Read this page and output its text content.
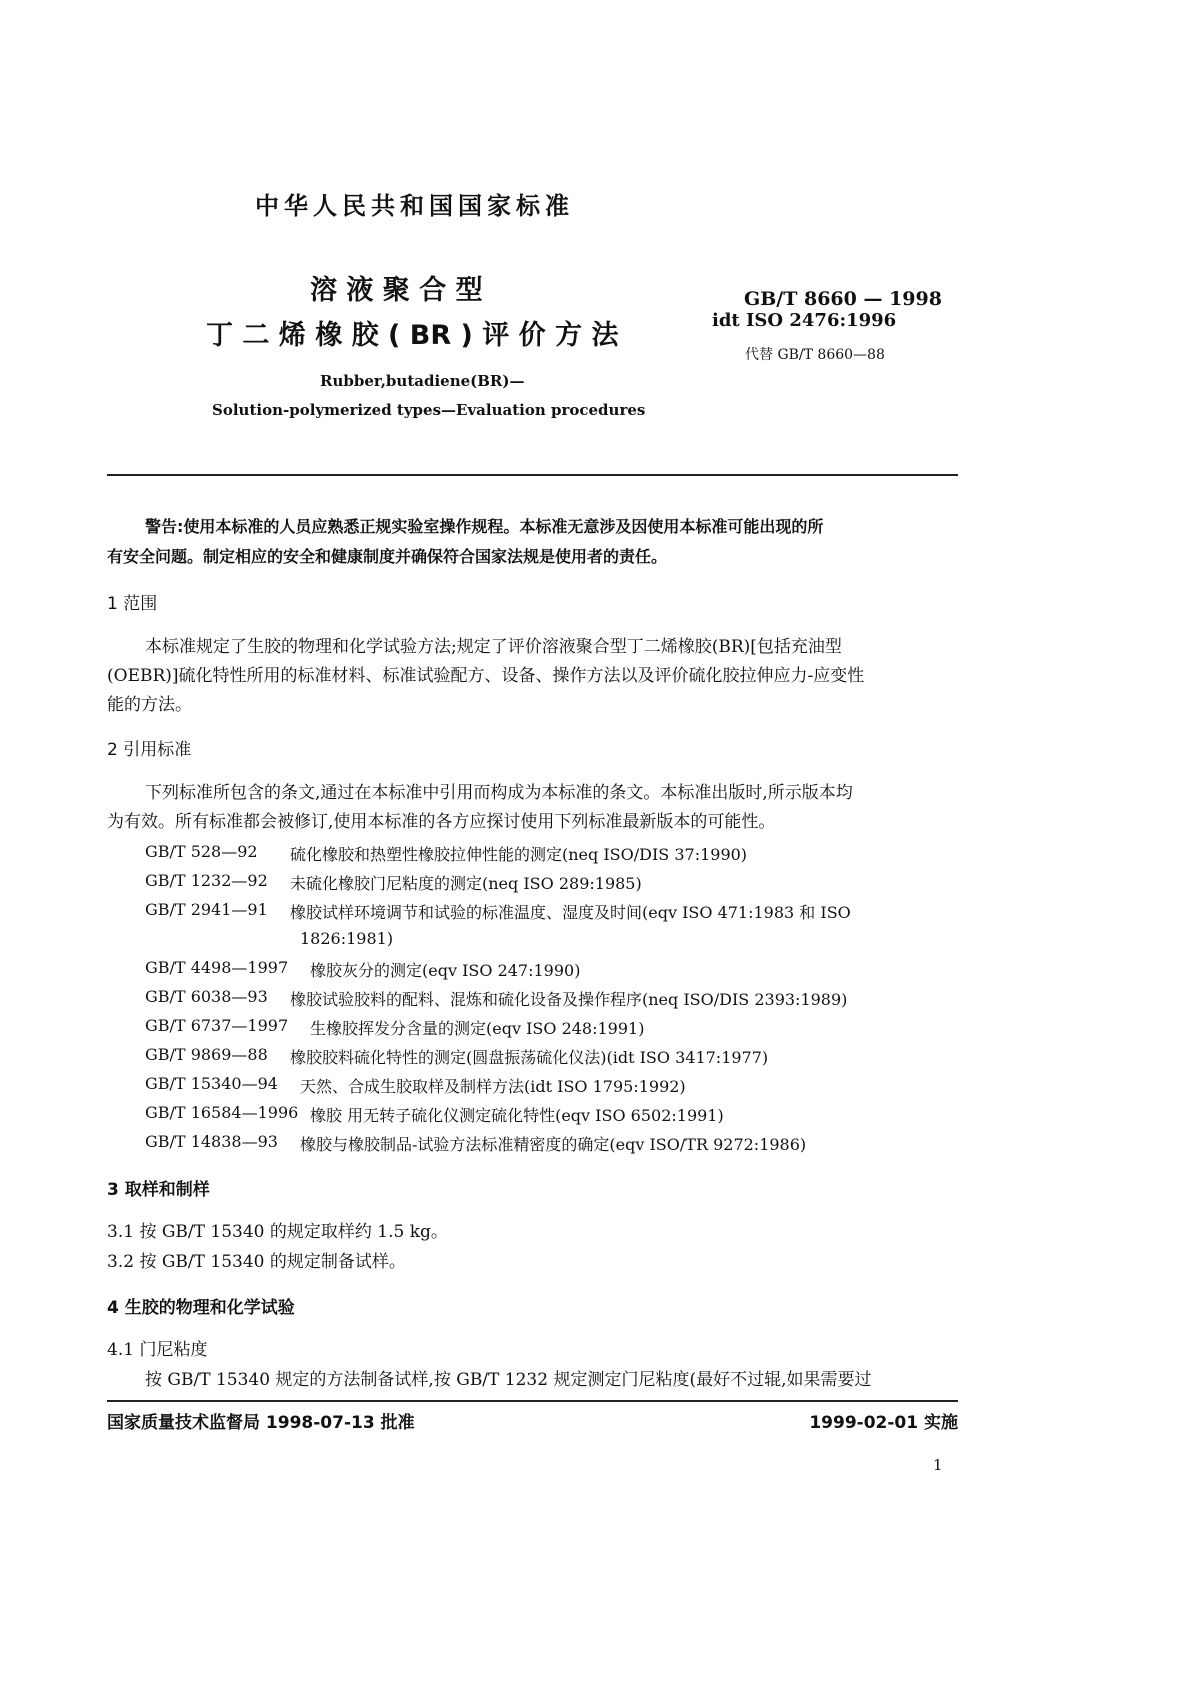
中华人民共和国国家标准
溶 液 聚 合 型
丁 二 烯 橡 胶 ( BR ) 评 价 方 法
GB/T 8660 — 1998
idt ISO 2476:1996
代替 GB/T 8660—88
Rubber,butadiene(BR)—
Solution-polymerized types—Evaluation procedures
警告:使用本标准的人员应熟悉正规实验室操作规程。本标准无意涉及因使用本标准可能出现的所
有安全问题。制定相应的安全和健康制度并确保符合国家法规是使用者的责任。
1 范围
本标准规定了生胶的物理和化学试验方法;规定了评价溶液聚合型丁二烯橡胶(BR)[包括充油型
(OEBR)]硫化特性所用的标准材料、标准试验配方、设备、操作方法以及评价硫化胶拉伸应力-应变性
能的方法。
2 引用标准
下列标准所包含的条文,通过在本标准中引用而构成为本标准的条文。本标准出版时,所示版本均
为有效。所有标准都会被修订,使用本标准的各方应探讨使用下列标准最新版本的可能性。
GB/T 528—92 硫化橡胶和热塑性橡胶拉伸性能的测定(neq ISO/DIS 37:1990)
GB/T 1232—92 未硫化橡胶门尼粘度的测定(neq ISO 289:1985)
GB/T 2941—91 橡胶试样环境调节和试验的标准温度、湿度及时间(eqv ISO 471:1983 和 ISO
1826:1981)
GB/T 4498—1997 橡胶灰分的测定(eqv ISO 247:1990)
GB/T 6038—93 橡胶试验胶料的配料、混炼和硫化设备及操作程序(neq ISO/DIS 2393:1989)
GB/T 6737—1997 生橡胶挥发分含量的测定(eqv ISO 248:1991)
GB/T 9869—88 橡胶胶料硫化特性的测定(圆盘振荡硫化仪法)(idt ISO 3417:1977)
GB/T 15340—94 天然、合成生胶取样及制样方法(idt ISO 1795:1992)
GB/T 16584—1996 橡胶 用无转子硫化仪测定硫化特性(eqv ISO 6502:1991)
GB/T 14838—93 橡胶与橡胶制品-试验方法标准精密度的确定(eqv ISO/TR 9272:1986)
3 取样和制样
3.1 按 GB/T 15340 的规定取样约 1.5 kg。
3.2 按 GB/T 15340 的规定制备试样。
4 生胶的物理和化学试验
4.1 门尼粘度
按 GB/T 15340 规定的方法制备试样,按 GB/T 1232 规定测定门尼粘度(最好不过辊,如果需要过
国家质量技术监督局 1998-07-13 批准	1999-02-01 实施
1
